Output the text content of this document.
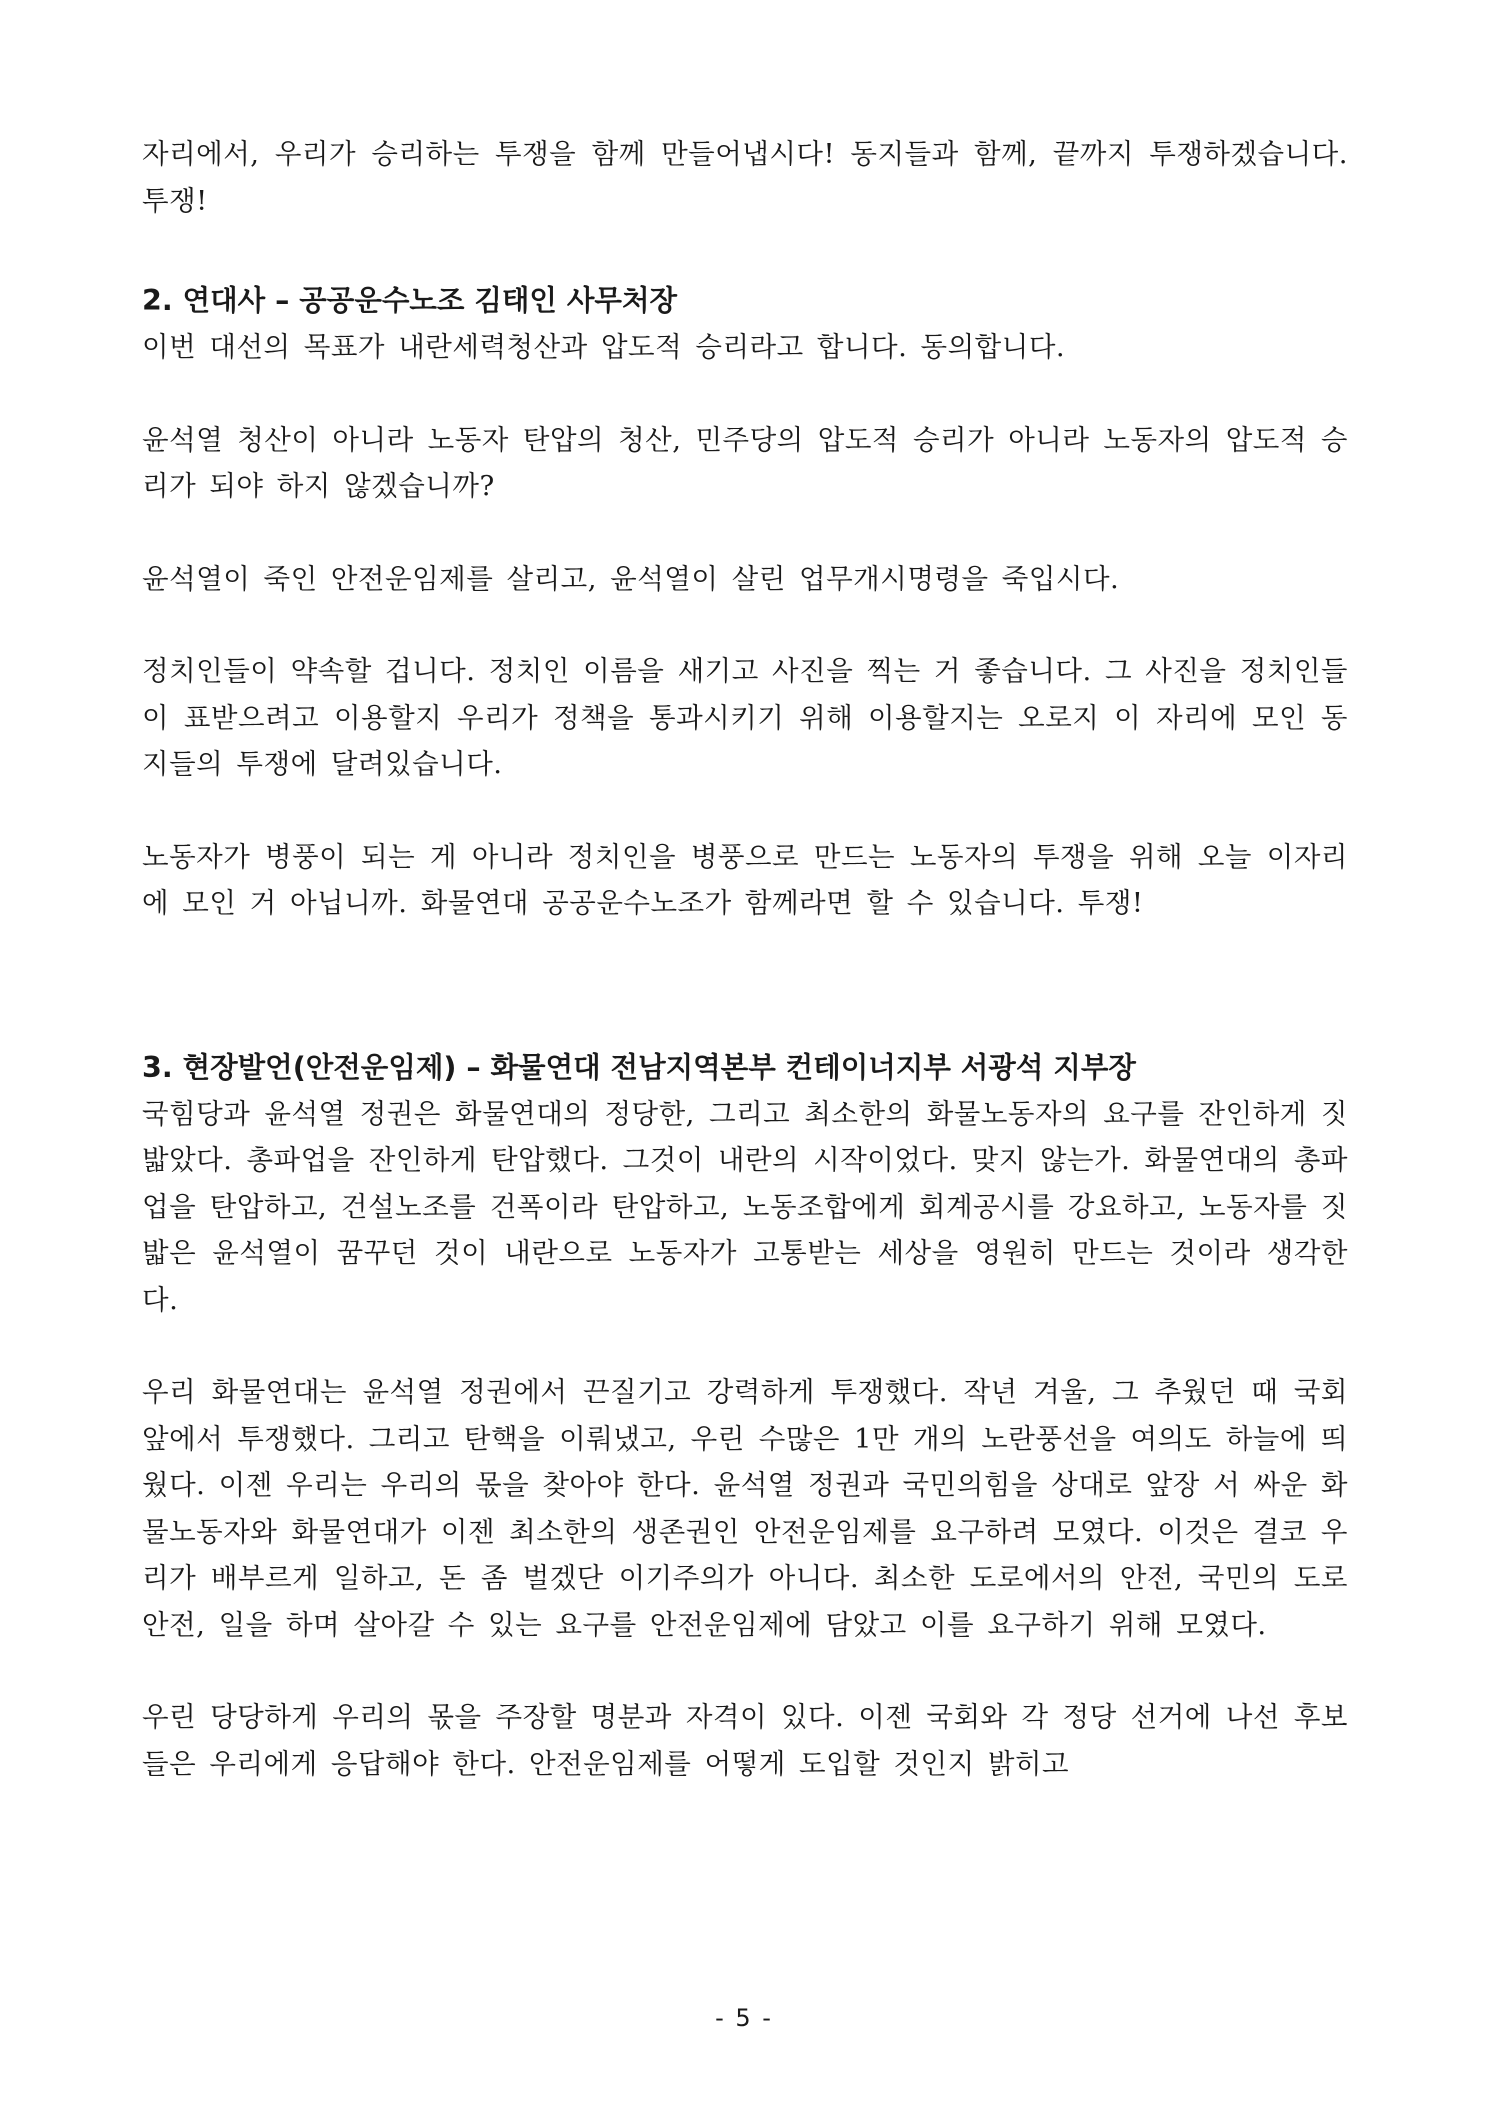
자리에서, 우리가 승리하는 투쟁을 함께 만들어냅시다! 동지들과 함께, 끝까지 투쟁하겠습니다. 투쟁!

2. 연대사 – 공공운수노조 김태인 사무처장

이번 대선의 목표가 내란세력청산과 압도적 승리라고 합니다. 동의합니다.

윤석열 청산이 아니라 노동자 탄압의 청산, 민주당의 압도적 승리가 아니라 노동자의 압도적 승리가 되야 하지 않겠습니까?

윤석열이 죽인 안전운임제를 살리고, 윤석열이 살린 업무개시명령을 죽입시다.

정치인들이 약속할 겁니다. 정치인 이름을 새기고 사진을 찍는 거 좋습니다. 그 사진을 정치인들이 표받으려고 이용할지 우리가 정책을 통과시키기 위해 이용할지는 오로지 이 자리에 모인 동지들의 투쟁에 달려있습니다.

노동자가 병풍이 되는 게 아니라 정치인을 병풍으로 만드는 노동자의 투쟁을 위해 오늘 이자리에 모인 거 아닙니까. 화물연대 공공운수노조가 함께라면 할 수 있습니다. 투쟁!

3. 현장발언(안전운임제) – 화물연대 전남지역본부 컨테이너지부 서광석 지부장

국힘당과 윤석열 정권은 화물연대의 정당한, 그리고 최소한의 화물노동자의 요구를 잔인하게 짓밟았다. 총파업을 잔인하게 탄압했다. 그것이 내란의 시작이었다. 맞지 않는가. 화물연대의 총파업을 탄압하고, 건설노조를 건폭이라 탄압하고, 노동조합에게 회계공시를 강요하고, 노동자를 짓밟은 윤석열이 꿈꾸던 것이 내란으로 노동자가 고통받는 세상을 영원히 만드는 것이라 생각한다.

우리 화물연대는 윤석열 정권에서 끈질기고 강력하게 투쟁했다. 작년 겨울, 그 추웠던 때 국회 앞에서 투쟁했다. 그리고 탄핵을 이뤄냈고, 우린 수많은 1만 개의 노란풍선을 여의도 하늘에 띄웠다. 이젠 우리는 우리의 몫을 찾아야 한다. 윤석열 정권과 국민의힘을 상대로 앞장 서 싸운 화물노동자와 화물연대가 이젠 최소한의 생존권인 안전운임제를 요구하려 모였다. 이것은 결코 우리가 배부르게 일하고, 돈 좀 벌겠단 이기주의가 아니다. 최소한 도로에서의 안전, 국민의 도로 안전, 일을 하며 살아갈 수 있는 요구를 안전운임제에 담았고 이를 요구하기 위해 모였다.

우린 당당하게 우리의 몫을 주장할 명분과 자격이 있다. 이젠 국회와 각 정당 선거에 나선 후보들은 우리에게 응답해야 한다. 안전운임제를 어떻게 도입할 것인지 밝히고

- 5 -
